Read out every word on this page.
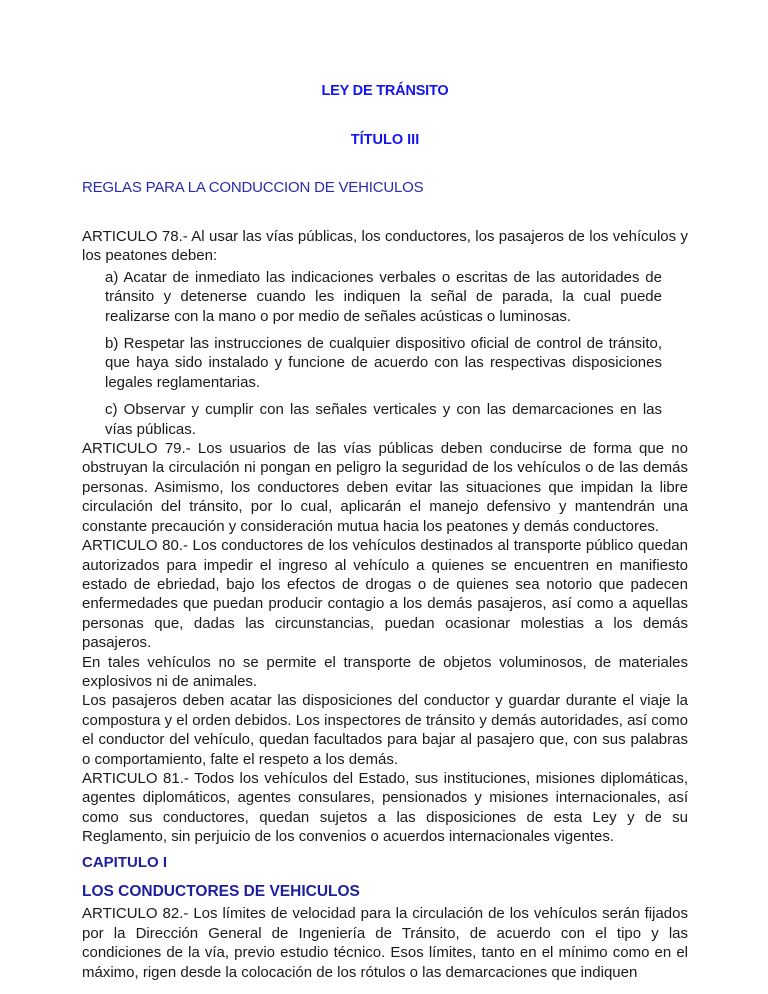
LEY DE TRÁNSITO
TÍTULO III
REGLAS PARA LA CONDUCCION DE VEHICULOS

ARTICULO 78.- Al usar las vías públicas, los conductores, los pasajeros de los vehículos y los peatones deben:

a) Acatar de inmediato las indicaciones verbales o escritas de las autoridades de tránsito y detenerse cuando les indiquen la señal de parada, la cual puede realizarse con la mano o por medio de señales acústicas o luminosas.

b) Respetar las instrucciones de cualquier dispositivo oficial de control de tránsito, que haya sido instalado y funcione de acuerdo con las respectivas disposiciones legales reglamentarias.

c) Observar y cumplir con las señales verticales y con las demarcaciones en las vías públicas.

ARTICULO 79.- Los usuarios de las vías públicas deben conducirse de forma que no obstruyan la circulación ni pongan en peligro la seguridad de los vehículos o de las demás personas. Asimismo, los conductores deben evitar las situaciones que impidan la libre circulación del tránsito, por lo cual, aplicarán el manejo defensivo y mantendrán una constante precaución y consideración mutua hacia los peatones y demás conductores.

ARTICULO 80.- Los conductores de los vehículos destinados al transporte público quedan autorizados para impedir el ingreso al vehículo a quienes se encuentren en manifiesto estado de ebriedad, bajo los efectos de drogas o de quienes sea notorio que padecen enfermedades que puedan producir contagio a los demás pasajeros, así como a aquellas personas que, dadas las circunstancias, puedan ocasionar molestias a los demás pasajeros.

En tales vehículos no se permite el transporte de objetos voluminosos, de materiales explosivos ni de animales.

Los pasajeros deben acatar las disposiciones del conductor y guardar durante el viaje la compostura y el orden debidos. Los inspectores de tránsito y demás autoridades, así como el conductor del vehículo, quedan facultados para bajar al pasajero que, con sus palabras o comportamiento, falte el respeto a los demás.

ARTICULO 81.- Todos los vehículos del Estado, sus instituciones, misiones diplomáticas, agentes diplomáticos, agentes consulares, pensionados y misiones internacionales, así como sus conductores, quedan sujetos a las disposiciones de esta Ley y de su Reglamento, sin perjuicio de los convenios o acuerdos internacionales vigentes.

CAPITULO I

LOS CONDUCTORES DE VEHICULOS

ARTICULO 82.- Los límites de velocidad para la circulación de los vehículos serán fijados por la Dirección General de Ingeniería de Tránsito, de acuerdo con el tipo y las condiciones de la vía, previo estudio técnico. Esos límites, tanto en el mínimo como en el máximo, rigen desde la colocación de los rótulos o las demarcaciones que indiquen
